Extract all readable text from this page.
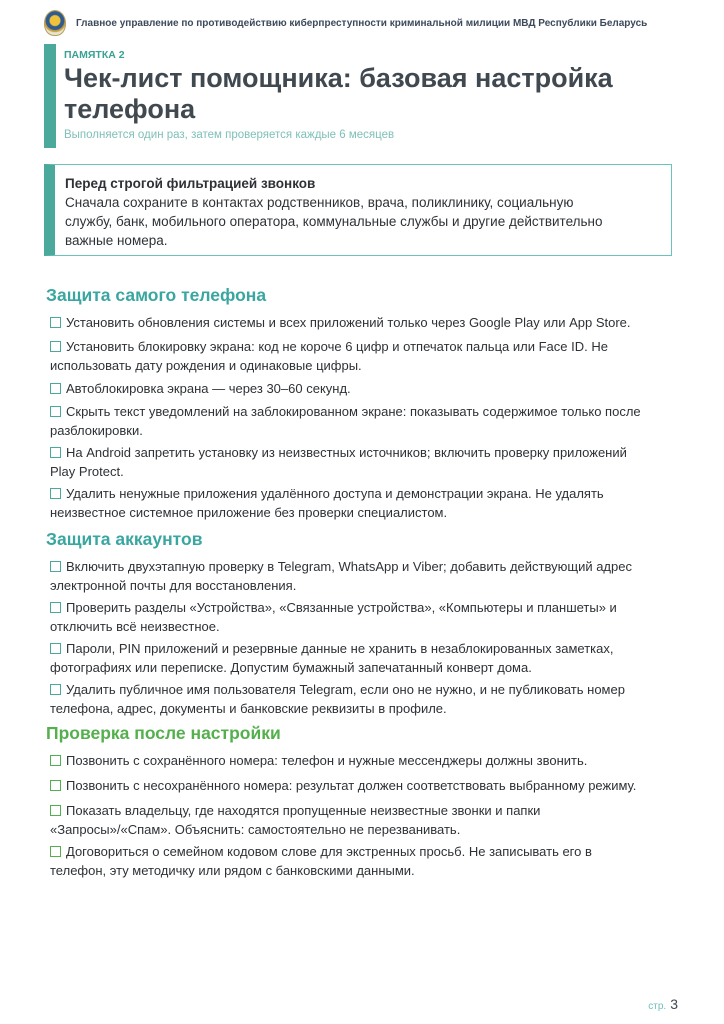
Главное управление по противодействию киберпреступности криминальной милиции МВД Республики Беларусь
ПАМЯТКА 2
Чек-лист помощника: базовая настройка
телефона
Выполняется один раз, затем проверяется каждые 6 месяцев
Перед строгой фильтрацией звонков
Сначала сохраните в контактах родственников, врача, поликлинику, социальную
службу, банк, мобильного оператора, коммунальные службы и другие действительно
важные номера.
Защита самого телефона
Установить обновления системы и всех приложений только через Google Play или App Store.
Установить блокировку экрана: код не короче 6 цифр и отпечаток пальца или Face ID. Не
использовать дату рождения и одинаковые цифры.
Автоблокировка экрана — через 30–60 секунд.
Скрыть текст уведомлений на заблокированном экране: показывать содержимое только после
разблокировки.
На Android запретить установку из неизвестных источников; включить проверку приложений
Play Protect.
Удалить ненужные приложения удалённого доступа и демонстрации экрана. Не удалять
неизвестное системное приложение без проверки специалистом.
Защита аккаунтов
Включить двухэтапную проверку в Telegram, WhatsApp и Viber; добавить действующий адрес
электронной почты для восстановления.
Проверить разделы «Устройства», «Связанные устройства», «Компьютеры и планшеты» и
отключить всё неизвестное.
Пароли, PIN приложений и резервные данные не хранить в незаблокированных заметках,
фотографиях или переписке. Допустим бумажный запечатанный конверт дома.
Удалить публичное имя пользователя Telegram, если оно не нужно, и не публиковать номер
телефона, адрес, документы и банковские реквизиты в профиле.
Проверка после настройки
Позвонить с сохранённого номера: телефон и нужные мессенджеры должны звонить.
Позвонить с несохранённого номера: результат должен соответствовать выбранному режиму.
Показать владельцу, где находятся пропущенные неизвестные звонки и папки
«Запросы»/«Спам». Объяснить: самостоятельно не перезванивать.
Договориться о семейном кодовом слове для экстренных просьб. Не записывать его в
телефон, эту методичку или рядом с банковскими данными.
стр. 3
